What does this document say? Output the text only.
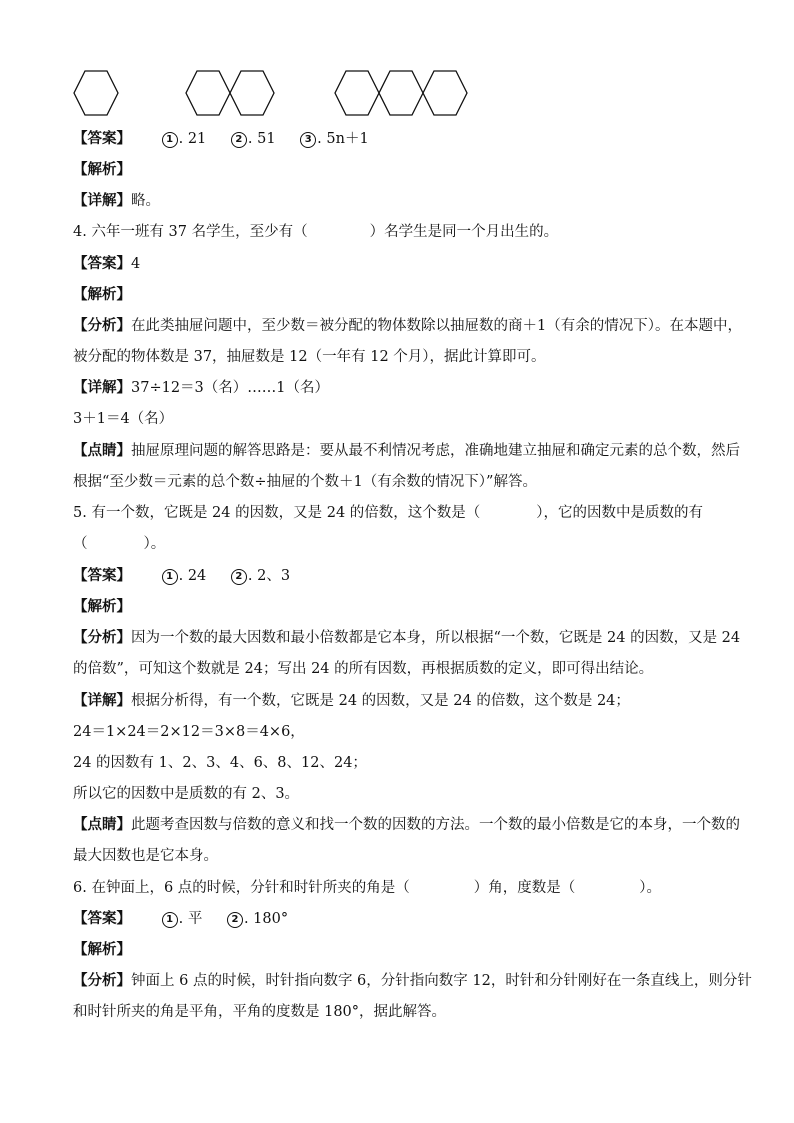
【答案】	1 . 21	2 . 51	3 . 5n＋1
【解析】
【详解】略。
4. 六年一班有 37 名学生，至少有（	）名学生是同一个月出生的。
【答案】4
【解析】
【分析】在此类抽屉问题中，至少数＝被分配的物体数除以抽屉数的商＋1（有余的情况下）。在本题中，
被分配的物体数是 37，抽屉数是 12（一年有 12 个月），据此计算即可。
【详解】37÷12＝3（名）……1（名）
3＋1＝4（名）
【点睛】抽屉原理问题的解答思路是：要从最不利情况考虑，准确地建立抽屉和确定元素的总个数，然后
根据“至少数＝元素的总个数÷抽屉的个数＋1（有余数的情况下）”解答。
5. 有一个数，它既是 24 的因数，又是 24 的倍数，这个数是（	），它的因数中是质数的有
（	）。
【答案】	1 . 24	2 . 2、3
【解析】
【分析】因为一个数的最大因数和最小倍数都是它本身，所以根据“一个数，它既是 24 的因数，又是 24
的倍数”，可知这个数就是 24；写出 24 的所有因数，再根据质数的定义，即可得出结论。
【详解】根据分析得，有一个数，它既是 24 的因数，又是 24 的倍数，这个数是 24；
24＝1×24＝2×12＝3×8＝4×6，
24 的因数有 1、2、3、4、6、8、12、24；
所以它的因数中是质数的有 2、3。
【点睛】此题考查因数与倍数的意义和找一个数的因数的方法。一个数的最小倍数是它的本身，一个数的
最大因数也是它本身。
6. 在钟面上，6 点的时候，分针和时针所夹的角是（	）角，度数是（	）。
【答案】	1 . 平	2 . 180°
【解析】
【分析】钟面上 6 点的时候，时针指向数字 6，分针指向数字 12，时针和分针刚好在一条直线上，则分针
和时针所夹的角是平角，平角的度数是 180°，据此解答。
